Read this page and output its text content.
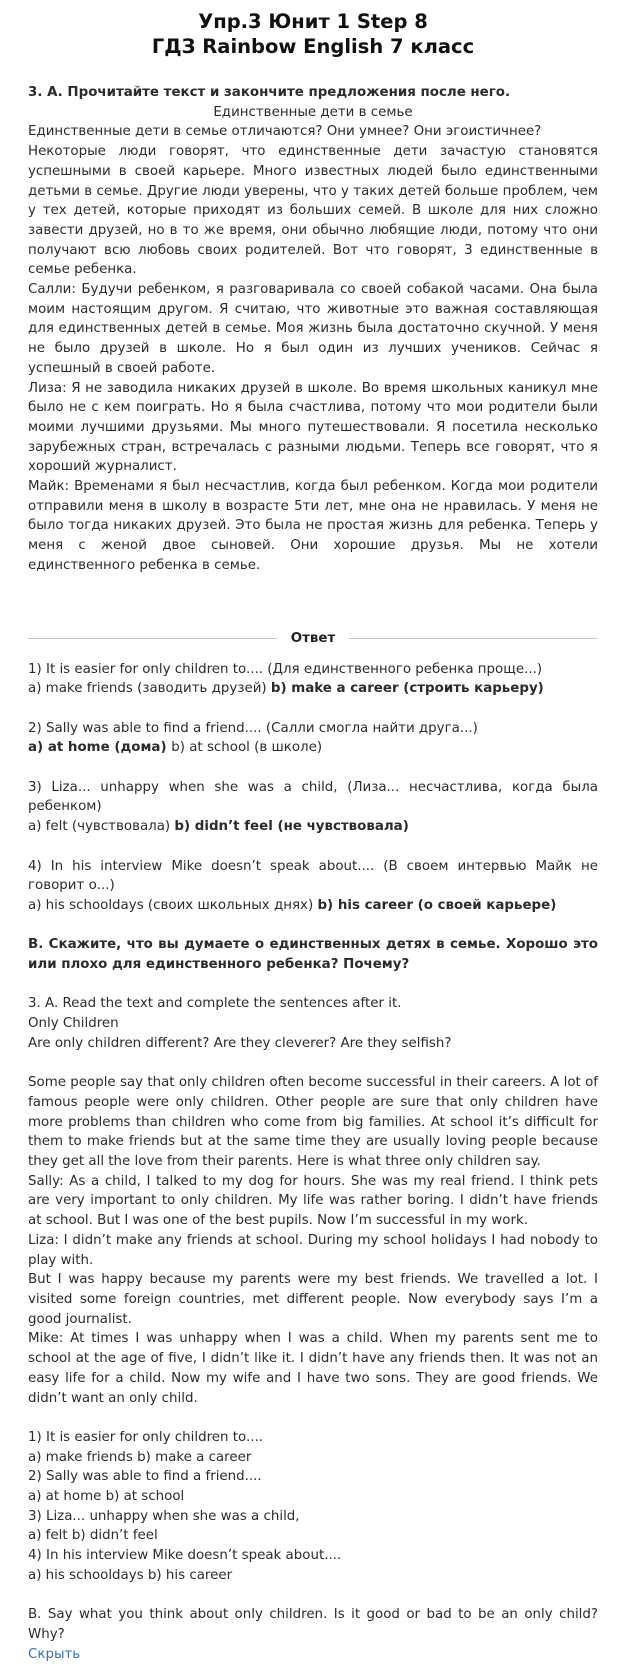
Упр.3 Юнит 1 Step 8
ГДЗ Rainbow English 7 класс

3. A. Прочитайте текст и закончите предложения после него.

Единственные дети в семье

Единственные дети в семье отличаются? Они умнее? Они эгоистичнее?

Некоторые люди говорят, что единственные дети зачастую становятся успешными в своей карьере. Много известных людей было единственными детьми в семье. Другие люди уверены, что у таких детей больше проблем, чем у тех детей, которые приходят из больших семей. В школе для них сложно завести друзей, но в то же время, они обычно любящие люди, потому что они получают всю любовь своих родителей. Вот что говорят, 3 единственные в семье ребенка.

Салли: Будучи ребенком, я разговаривала со своей собакой часами. Она была моим настоящим другом. Я считаю, что животные это важная составляющая для единственных детей в семье. Моя жизнь была достаточно скучной. У меня не было друзей в школе. Но я был один из лучших учеников. Сейчас я успешный в своей работе.

Лиза: Я не заводила никаких друзей в школе. Во время школьных каникул мне было не с кем поиграть. Но я была счастлива, потому что мои родители были моими лучшими друзьями. Мы много путешествовали. Я посетила несколько зарубежных стран, встречалась с разными людьми. Теперь все говорят, что я хороший журналист.

Майк: Временами я был несчастлив, когда был ребенком. Когда мои родители отправили меня в школу в возрасте 5ти лет, мне она не нравилась. У меня не было тогда никаких друзей. Это была не простая жизнь для ребенка. Теперь у меня с женой двое сыновей. Они хорошие друзья. Мы не хотели единственного ребенка в семье.

Ответ

1) It is easier for only children to.... (Для единственного ребенка проще...)

a) make friends (заводить друзей) b) make a career (строить карьеру)

2) Sally was able to find a friend.... (Салли смогла найти друга...)

a) at home (дома) b) at school (в школе)

3) Liza... unhappy when she was a child, (Лиза... несчастлива, когда была ребенком)

a) felt (чувствовала) b) didn’t feel (не чувствовала)

4) In his interview Mike doesn’t speak about.... (В своем интервью Майк не говорит о...)

a) his schooldays (своих школьных днях) b) his career (о своей карьере)

B. Скажите, что вы думаете о единственных детях в семье. Хорошо это или плохо для единственного ребенка? Почему?

3. A. Read the text and complete the sentences after it.

Only Children

Are only children different? Are they cleverer? Are they selfish?

Some people say that only children often become successful in their careers. A lot of famous people were only children. Other people are sure that only children have more problems than children who come from big families. At school it’s difficult for them to make friends but at the same time they are usually loving people because they get all the love from their parents. Here is what three only children say.

Sally: As a child, I talked to my dog for hours. She was my real friend. I think pets are very important to only children. My life was rather boring. I didn’t have friends at school. But I was one of the best pupils. Now I’m successful in my work.

Liza: I didn’t make any friends at school. During my school holidays I had nobody to play with.

But I was happy because my parents were my best friends. We travelled a lot. I visited some foreign countries, met different people. Now everybody says I’m a good journalist.

Mike: At times I was unhappy when I was a child. When my parents sent me to school at the age of five, I didn’t like it. I didn’t have any friends then. It was not an easy life for a child. Now my wife and I have two sons. They are good friends. We didn’t want an only child.

1) It is easier for only children to....

a) make friends b) make a career

2) Sally was able to find a friend....

a) at home b) at school

3) Liza... unhappy when she was a child,

a) felt b) didn’t feel

4) In his interview Mike doesn’t speak about....

a) his schooldays b) his career

B. Say what you think about only children. Is it good or bad to be an only child? Why?

Скрыть
